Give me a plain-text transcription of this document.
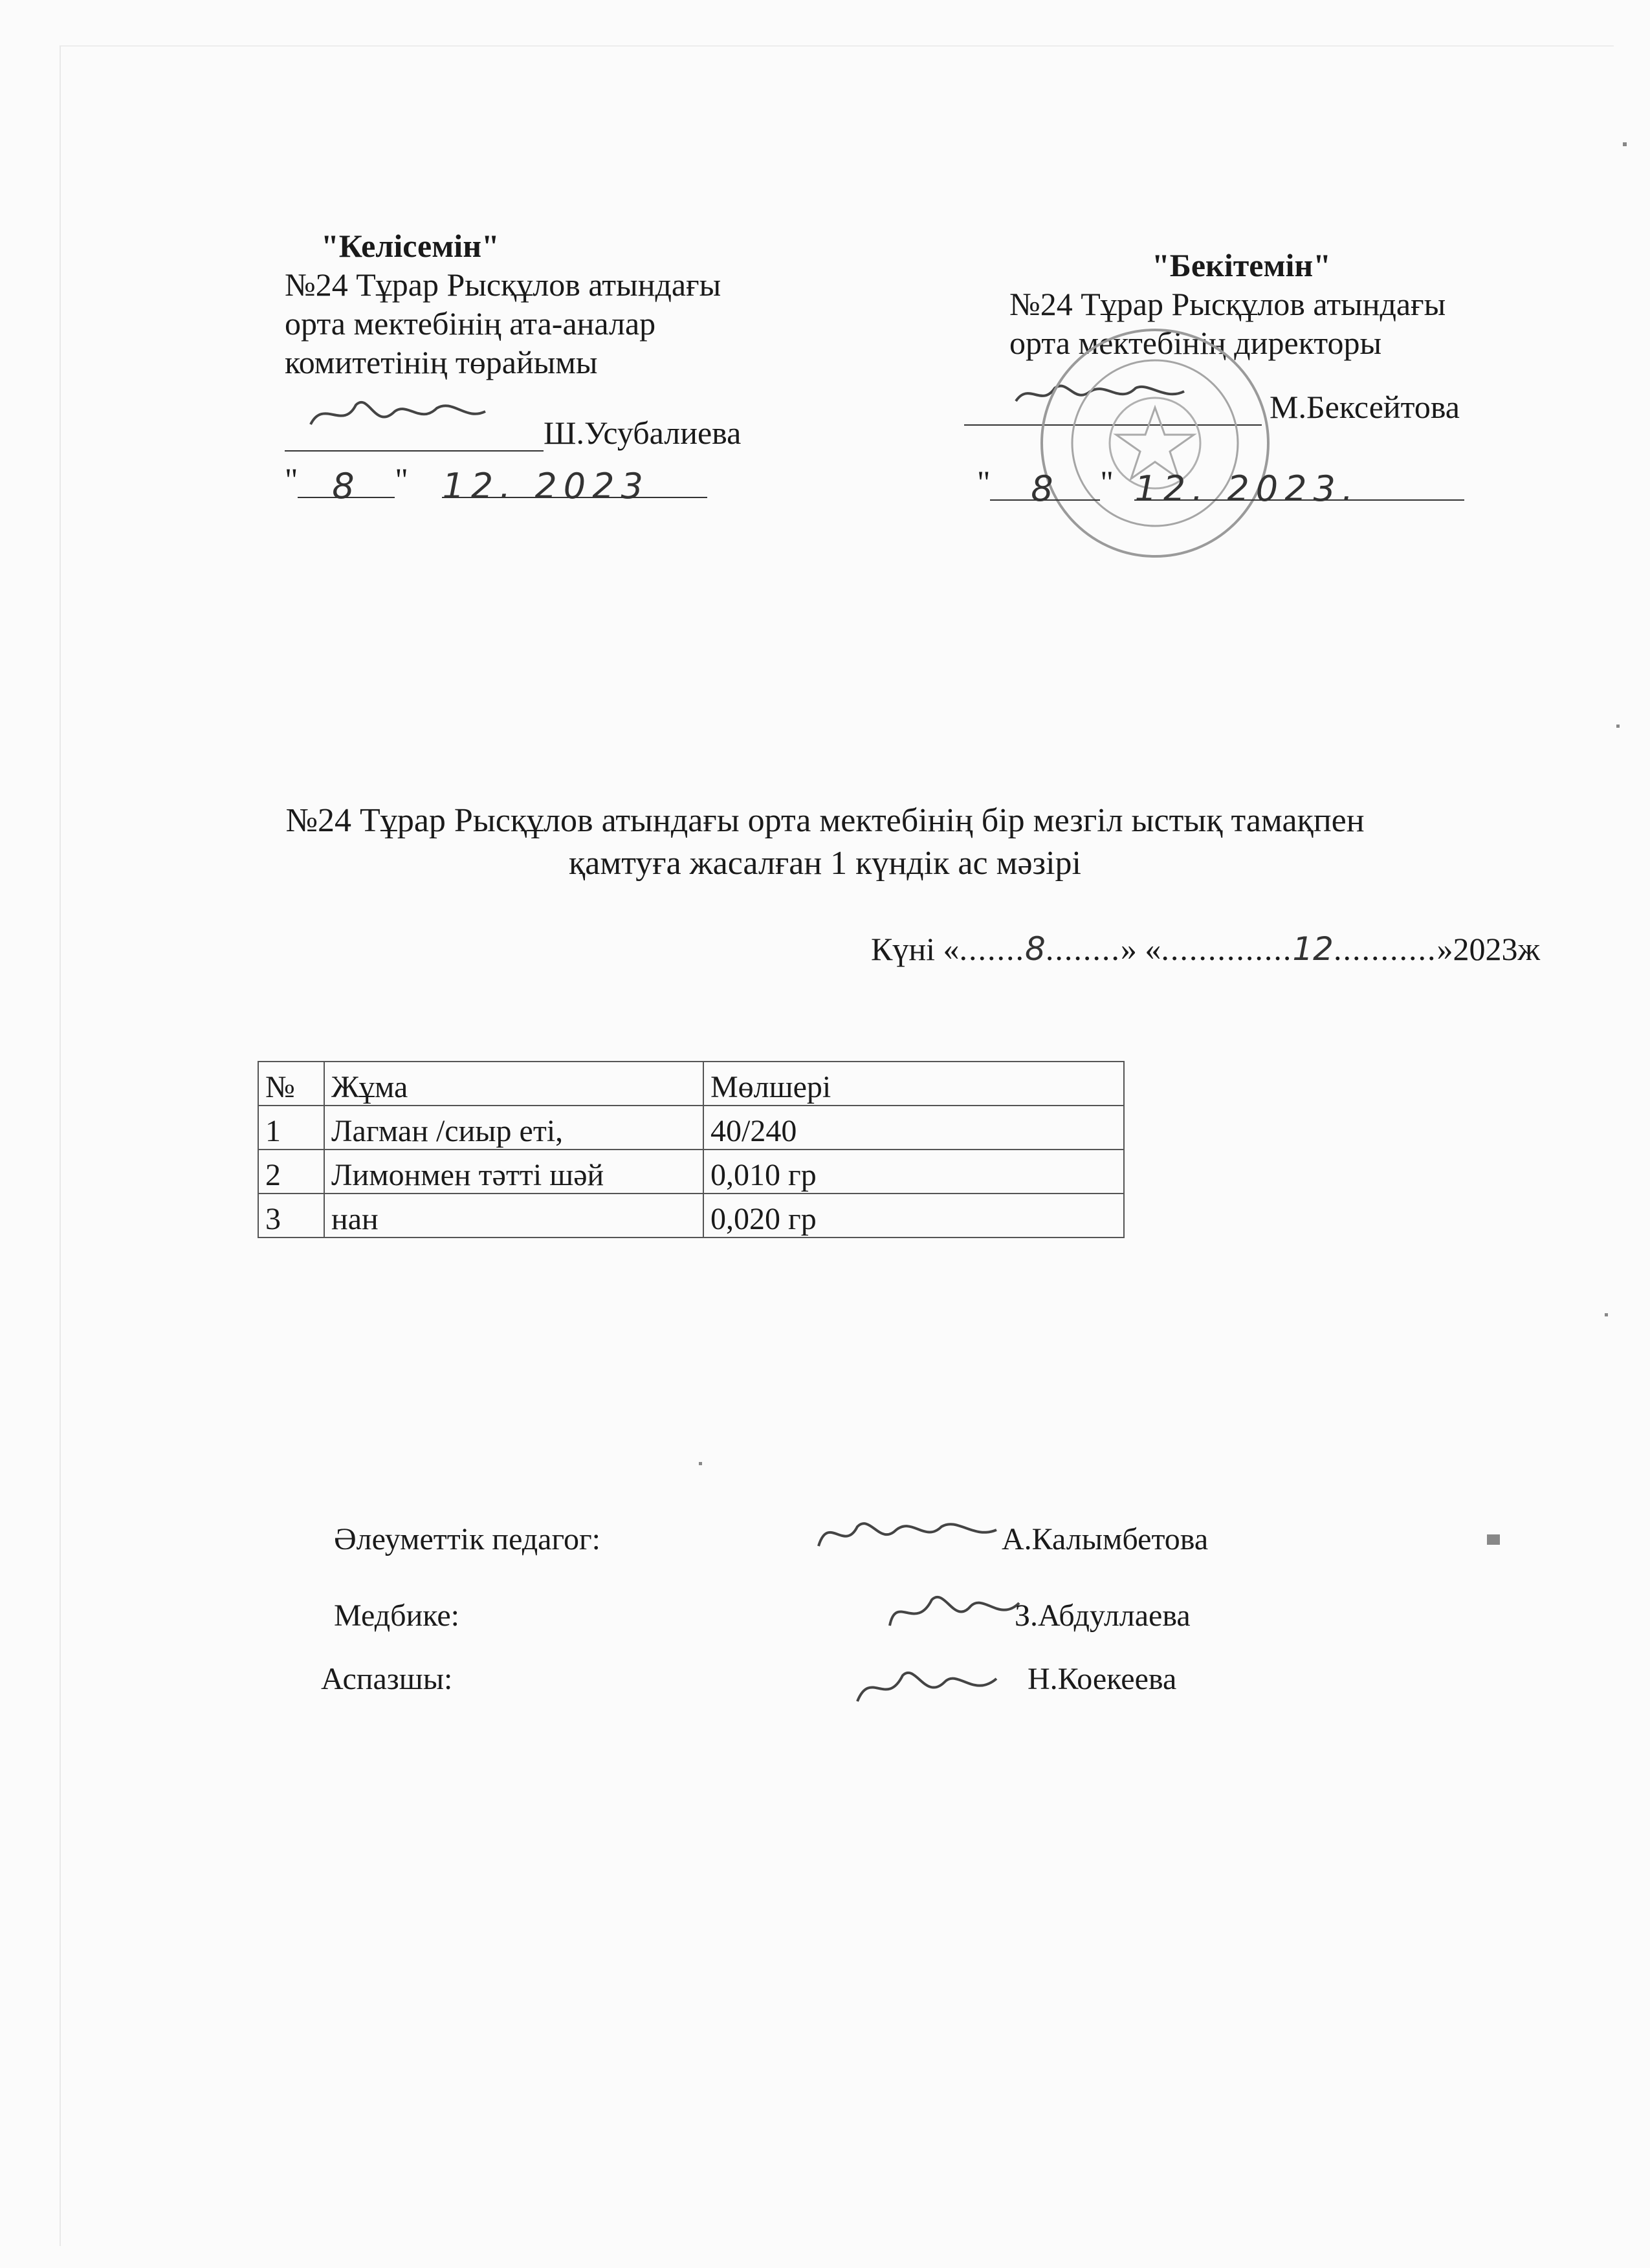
"Келісемін"
№24 Тұрар Рысқұлов атындағы
орта мектебінің ата-аналар
комитетінің төрайымы
Ш.Усубалиева
" 8 " 12. 2023
"Бекітемін"
№24 Тұрар Рысқұлов атындағы
орта мектебінің директоры
М.Бексейтова
" 8 " 12. 2023.
№24 Тұрар Рысқұлов атындағы орта мектебінің бір мезгіл ыстық тамақпен
қамтуға жасалған 1 күндік ас мәзірі
Күні «.......8........» «..............12...........»2023ж
№	Жұма	Мөлшері
1	Лагман /сиыр еті,	40/240
2	Лимонмен тәтті шәй	0,010 гр
3	нан	0,020 гр
Әлеуметтік педагог:	А.Калымбетова
Медбике:	З.Абдуллаева
Аспазшы:	Н.Коекеева
